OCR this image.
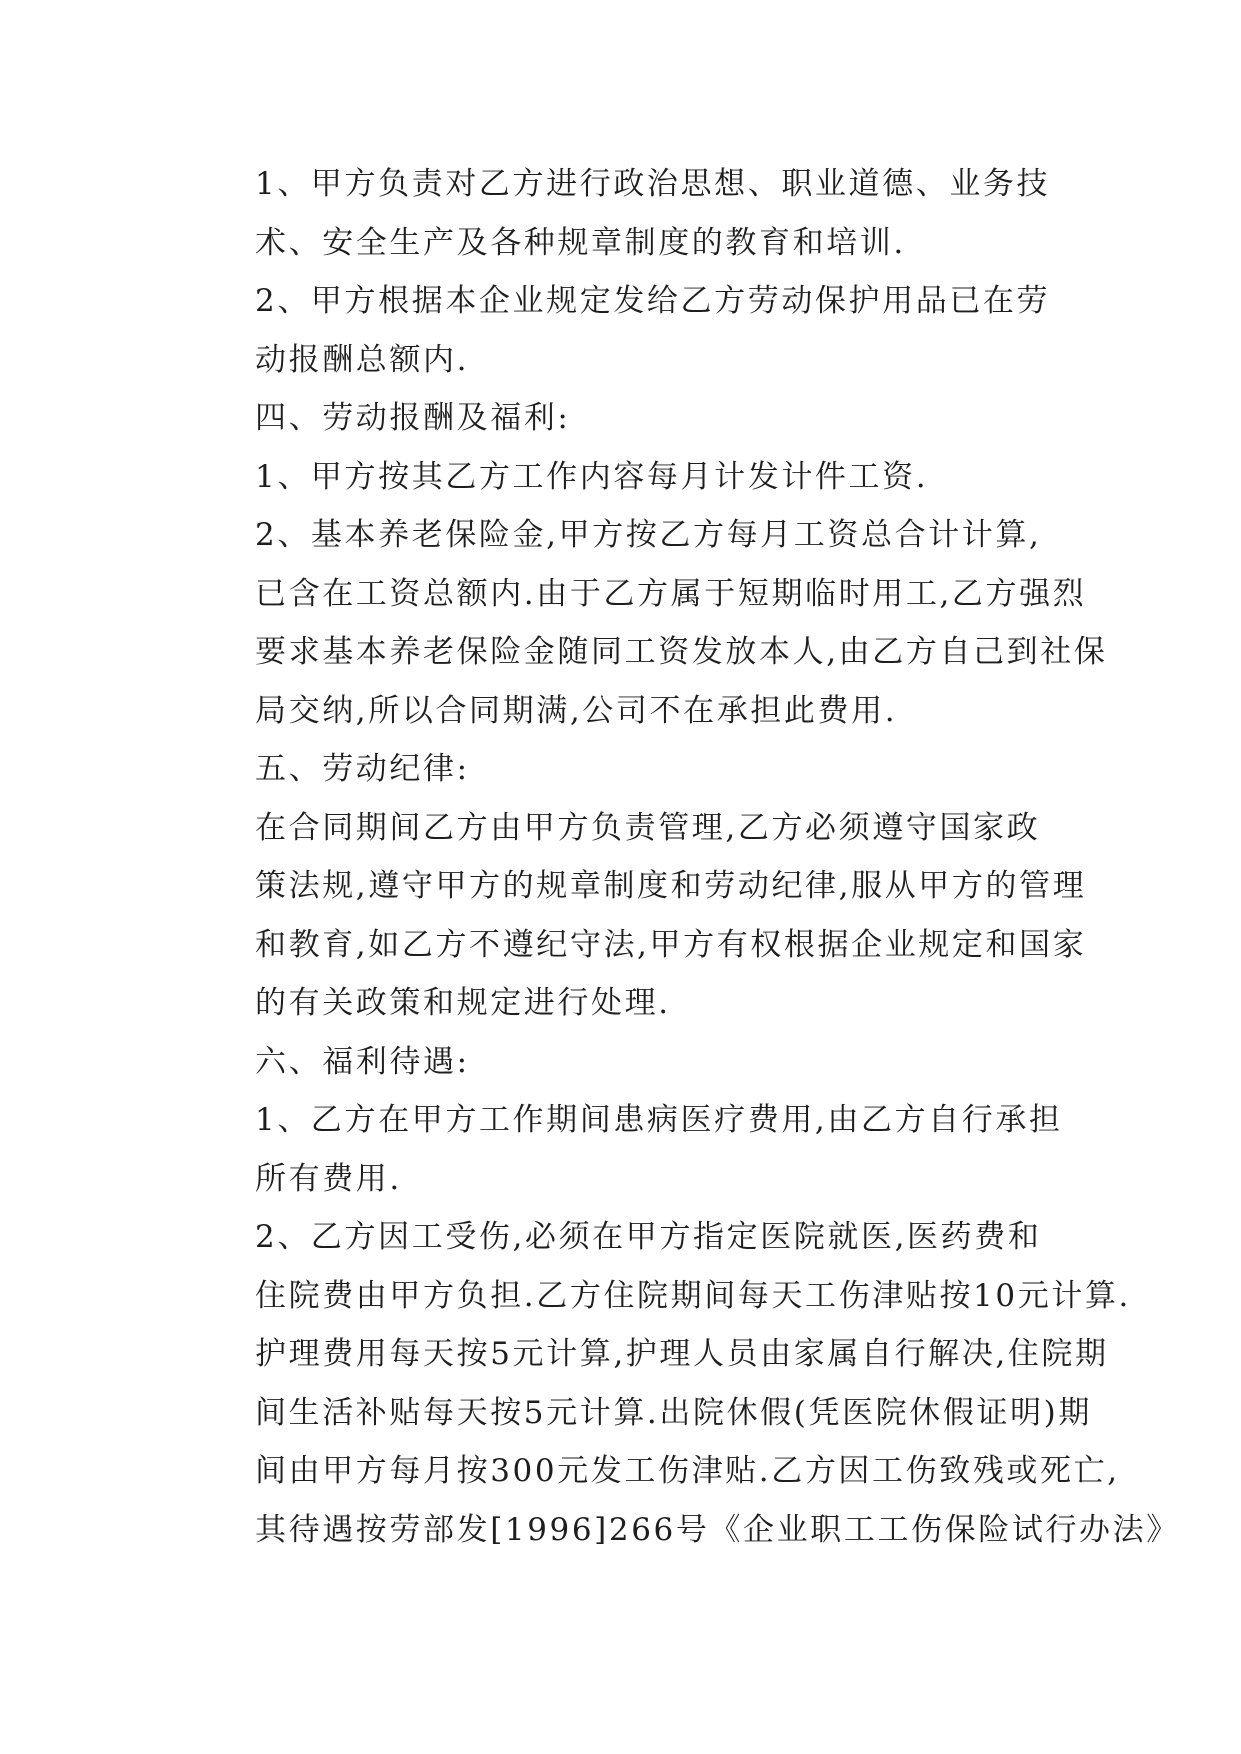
1、甲方负责对乙方进行政治思想、职业道德、业务技
术、安全生产及各种规章制度的教育和培训.

2、甲方根据本企业规定发给乙方劳动保护用品已在劳
动报酬总额内.

四、劳动报酬及福利:

1、甲方按其乙方工作内容每月计发计件工资.

2、基本养老保险金,甲方按乙方每月工资总合计计算,
已含在工资总额内.由于乙方属于短期临时用工,乙方强烈
要求基本养老保险金随同工资发放本人,由乙方自己到社保
局交纳,所以合同期满,公司不在承担此费用.

五、劳动纪律:

在合同期间乙方由甲方负责管理,乙方必须遵守国家政
策法规,遵守甲方的规章制度和劳动纪律,服从甲方的管理
和教育,如乙方不遵纪守法,甲方有权根据企业规定和国家
的有关政策和规定进行处理.

六、福利待遇:

1、乙方在甲方工作期间患病医疗费用,由乙方自行承担
所有费用.

2、乙方因工受伤,必须在甲方指定医院就医,医药费和
住院费由甲方负担.乙方住院期间每天工伤津贴按10元计算.
护理费用每天按5元计算,护理人员由家属自行解决,住院期
间生活补贴每天按5元计算.出院休假(凭医院休假证明)期
间由甲方每月按300元发工伤津贴.乙方因工伤致残或死亡,
其待遇按劳部发[1996]266号《企业职工工伤保险试行办法》
